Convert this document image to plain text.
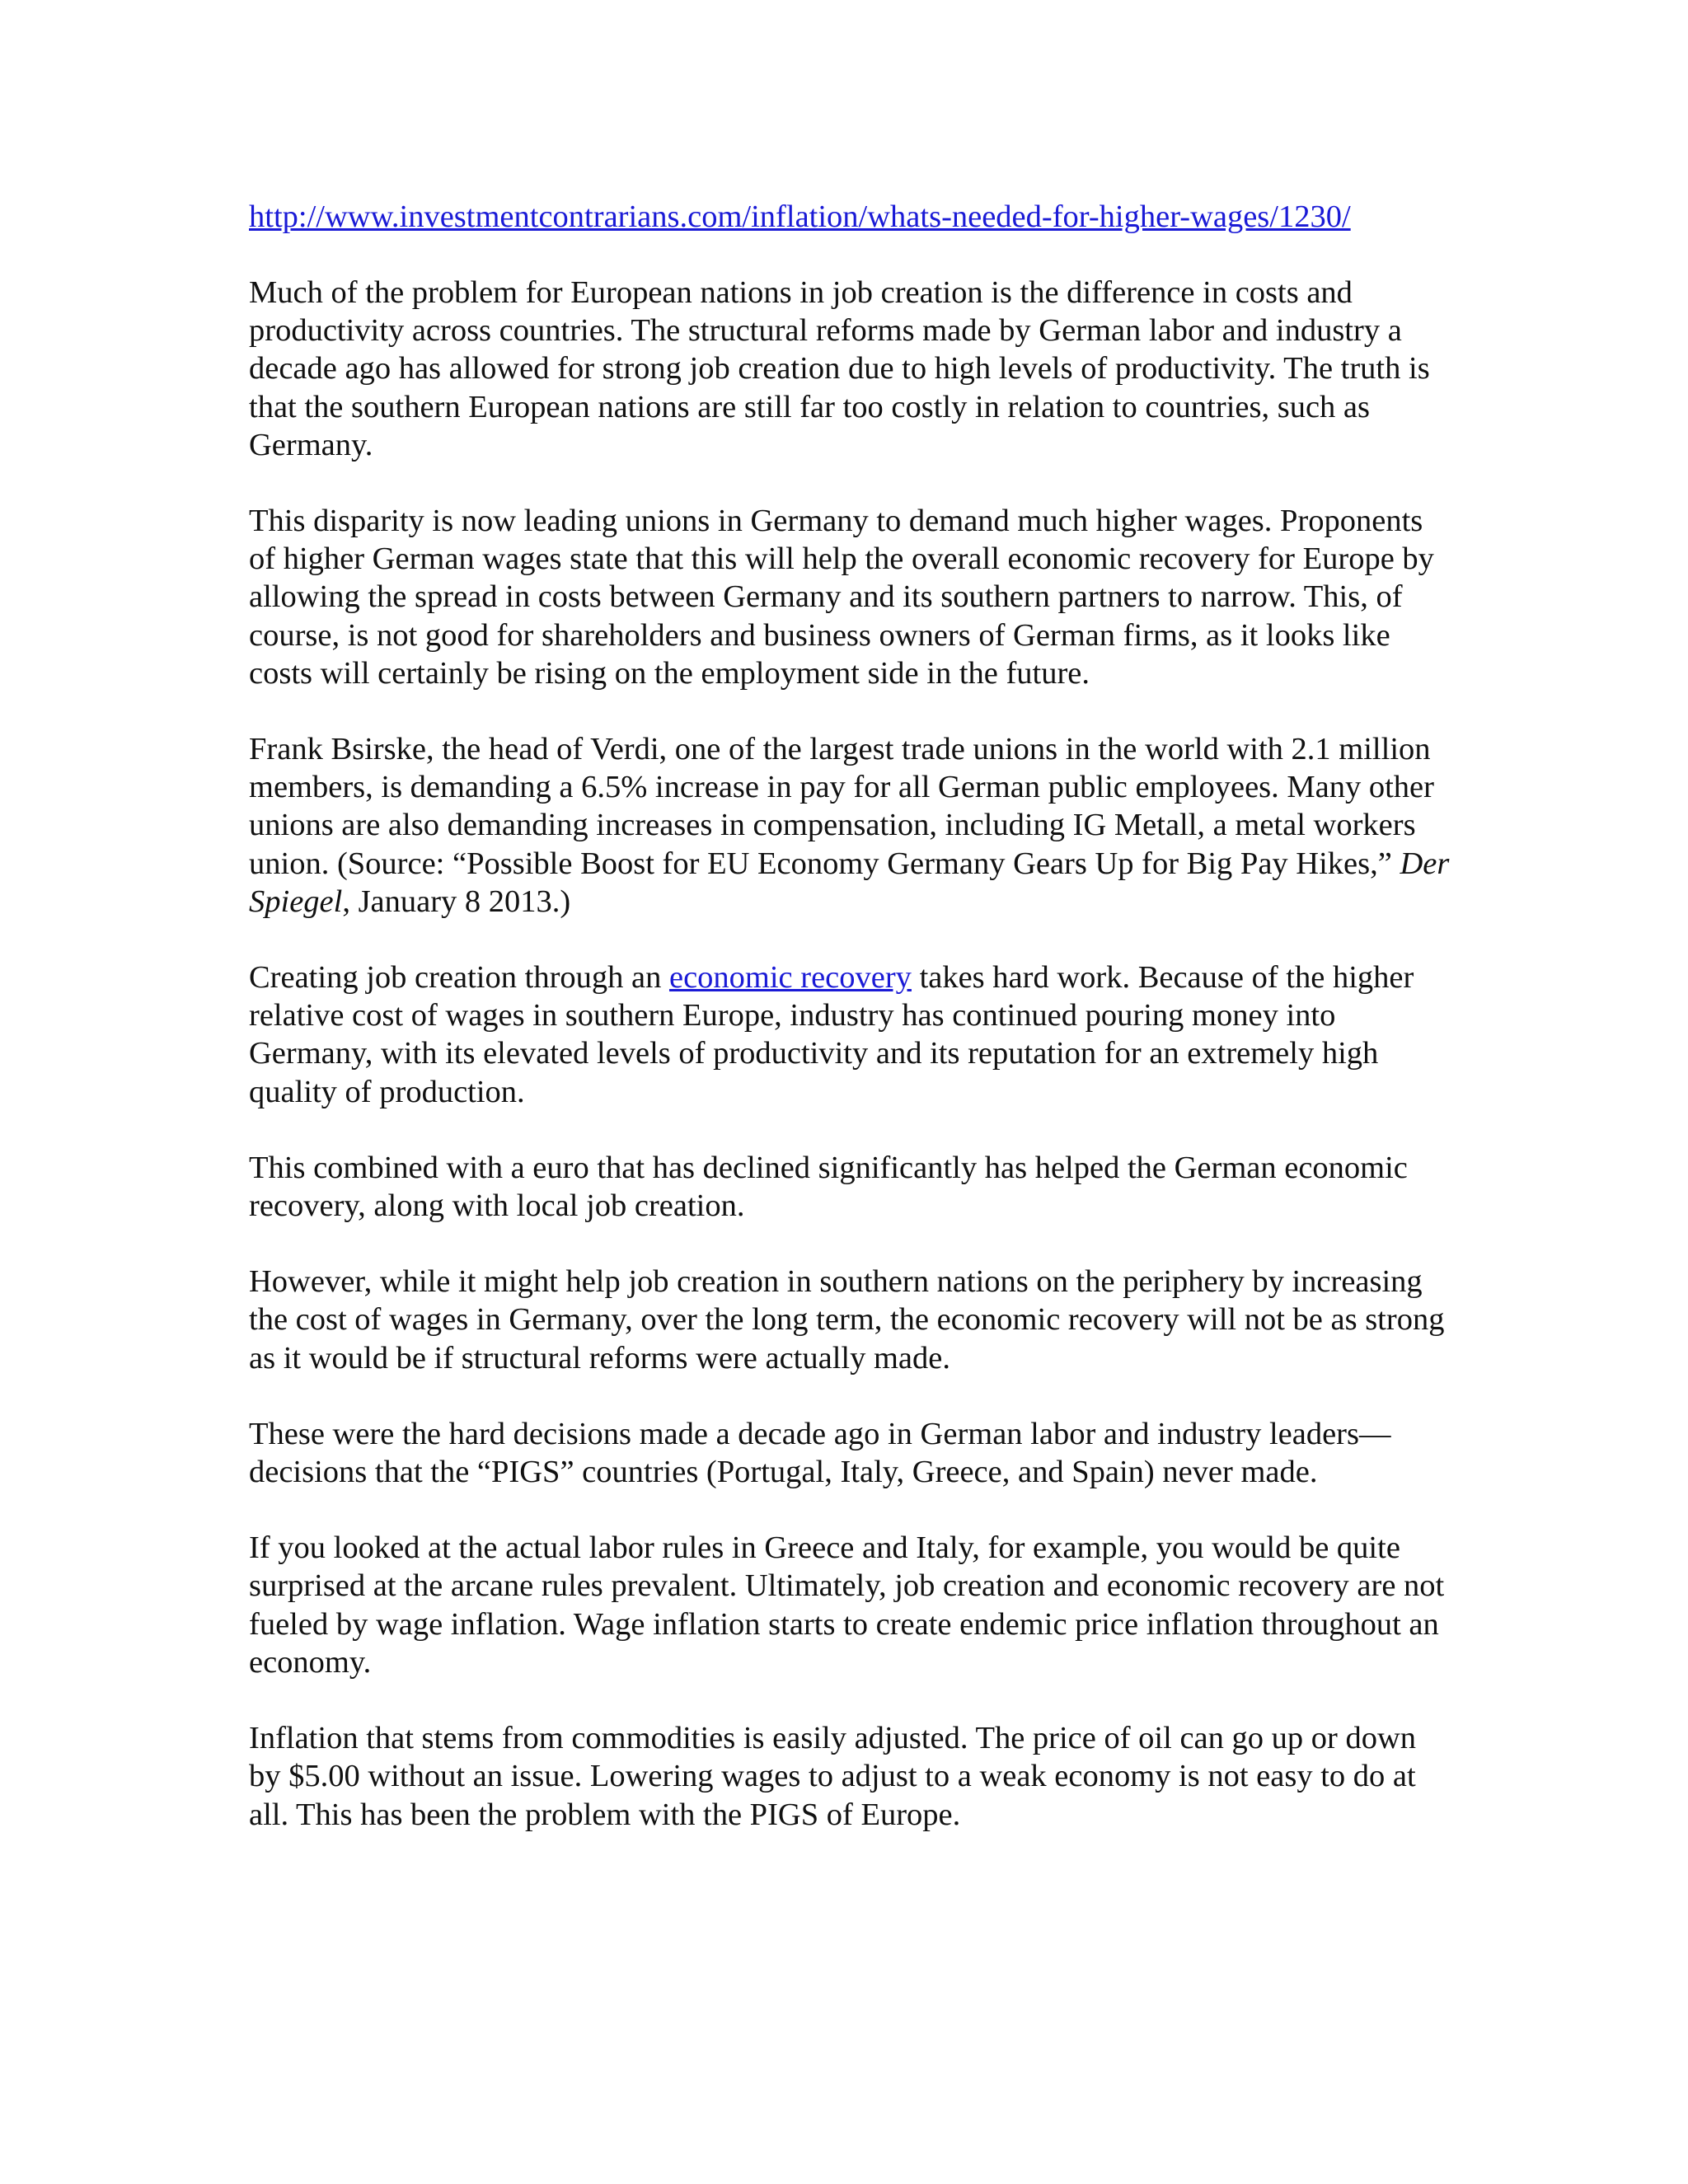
http://www.investmentcontrarians.com/inflation/whats-needed-for-higher-wages/1230/

Much of the problem for European nations in job creation is the difference in costs and productivity across countries. The structural reforms made by German labor and industry a decade ago has allowed for strong job creation due to high levels of productivity. The truth is that the southern European nations are still far too costly in relation to countries, such as Germany.

This disparity is now leading unions in Germany to demand much higher wages. Proponents of higher German wages state that this will help the overall economic recovery for Europe by allowing the spread in costs between Germany and its southern partners to narrow. This, of course, is not good for shareholders and business owners of German firms, as it looks like costs will certainly be rising on the employment side in the future.

Frank Bsirske, the head of Verdi, one of the largest trade unions in the world with 2.1 million members, is demanding a 6.5% increase in pay for all German public employees. Many other unions are also demanding increases in compensation, including IG Metall, a metal workers union. (Source: “Possible Boost for EU Economy Germany Gears Up for Big Pay Hikes,” Der Spiegel, January 8 2013.)

Creating job creation through an economic recovery takes hard work. Because of the higher relative cost of wages in southern Europe, industry has continued pouring money into Germany, with its elevated levels of productivity and its reputation for an extremely high quality of production.

This combined with a euro that has declined significantly has helped the German economic recovery, along with local job creation.

However, while it might help job creation in southern nations on the periphery by increasing the cost of wages in Germany, over the long term, the economic recovery will not be as strong as it would be if structural reforms were actually made.

These were the hard decisions made a decade ago in German labor and industry leaders—decisions that the “PIGS” countries (Portugal, Italy, Greece, and Spain) never made.

If you looked at the actual labor rules in Greece and Italy, for example, you would be quite surprised at the arcane rules prevalent. Ultimately, job creation and economic recovery are not fueled by wage inflation. Wage inflation starts to create endemic price inflation throughout an economy.

Inflation that stems from commodities is easily adjusted. The price of oil can go up or down by $5.00 without an issue. Lowering wages to adjust to a weak economy is not easy to do at all. This has been the problem with the PIGS of Europe.
